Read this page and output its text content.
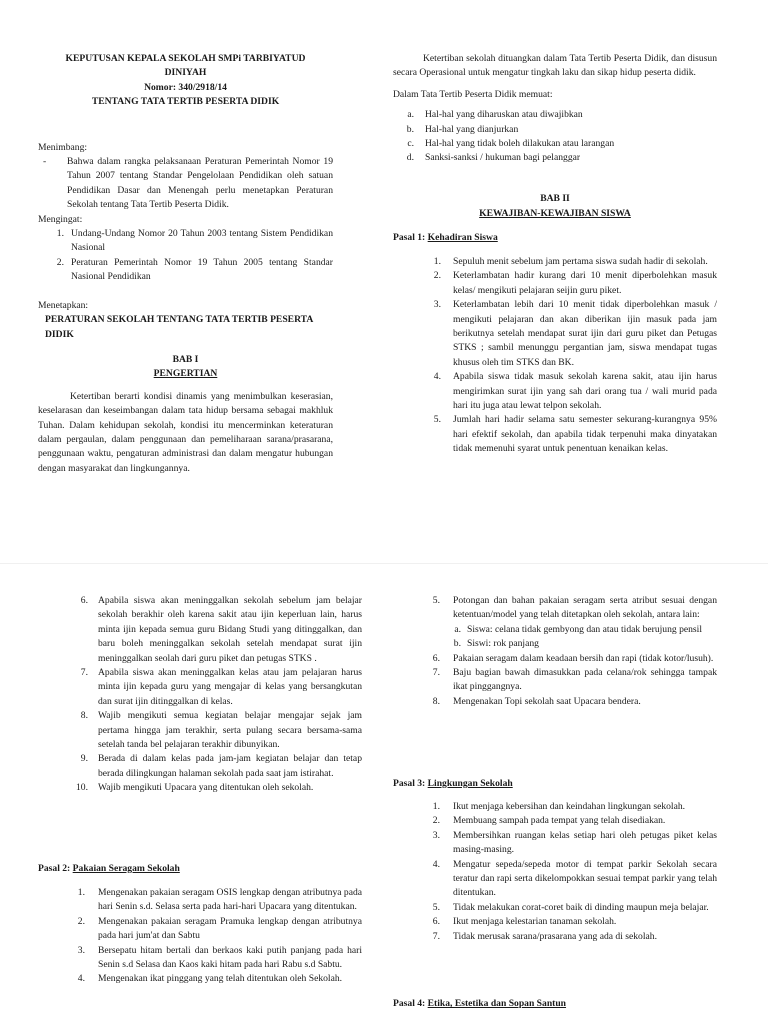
KEPUTUSAN KEPALA SEKOLAH SMPi TARBIYATUD

DINIYAH

Nomor: 340/2918/14

TENTANG TATA TERTIB PESERTA DIDIK

Menimbang:

-	Bahwa dalam rangka pelaksanaan Peraturan Pemerintah Nomor 19 Tahun 2007 tentang Standar Pengelolaan Pendidikan oleh satuan Pendidikan Dasar dan Menengah perlu menetapkan Peraturan Sekolah tentang Tata Tertib Peserta Didik.

Mengingat:

1. Undang-Undang Nomor 20 Tahun 2003 tentang Sistem Pendidikan Nasional
2. Peraturan Pemerintah Nomor 19 Tahun 2005 tentang Standar Nasional Pendidikan

Menetapkan:

PERATURAN SEKOLAH TENTANG TATA TERTIB PESERTA DIDIK

BAB I

PENGERTIAN

Ketertiban berarti kondisi dinamis yang menimbulkan keserasian, keselarasan dan keseimbangan dalam tata hidup bersama sebagai makhluk Tuhan. Dalam kehidupan sekolah, kondisi itu mencerminkan keteraturan dalam pergaulan, dalam penggunaan dan pemeliharaan sarana/prasarana, penggunaan waktu, pengaturan administrasi dan dalam mengatur hubungan dengan masyarakat dan lingkungannya.

Ketertiban sekolah dituangkan dalam Tata Tertib Peserta Didik, dan disusun secara Operasional untuk mengatur tingkah laku dan sikap hidup peserta didik.

Dalam Tata Tertib Peserta Didik memuat:

a. Hal-hal yang diharuskan atau diwajibkan
b. Hal-hal yang dianjurkan
c. Hal-hal yang tidak boleh dilakukan atau larangan
d. Sanksi-sanksi / hukuman bagi pelanggar

BAB II

KEWAJIBAN-KEWAJIBAN SISWA

Pasal 1: Kehadiran Siswa

1. Sepuluh menit sebelum jam pertama siswa sudah hadir di sekolah.
2. Keterlambatan hadir kurang dari 10 menit diperbolehkan masuk kelas/ mengikuti pelajaran seijin guru piket.
3. Keterlambatan lebih dari 10 menit tidak diperbolehkan masuk / mengikuti pelajaran dan akan diberikan ijin masuk pada jam berikutnya setelah mendapat surat ijin dari guru piket dan Petugas STKS ; sambil menunggu pergantian jam, siswa mendapat tugas khusus oleh tim STKS dan BK.
4. Apabila siswa tidak masuk sekolah karena sakit, atau ijin harus mengirimkan surat ijin yang sah dari orang tua / wali murid pada hari itu juga atau lewat telpon sekolah.
5. Jumlah hari hadir selama satu semester sekurang-kurangnya 95% hari efektif sekolah, dan apabila tidak terpenuhi maka dinyatakan tidak memenuhi syarat untuk penentuan kenaikan kelas.
6. Apabila siswa akan meninggalkan sekolah sebelum jam belajar sekolah berakhir oleh karena sakit atau ijin keperluan lain, harus minta ijin kepada semua guru Bidang Studi yang ditinggalkan, dan baru boleh meninggalkan sekolah setelah mendapat surat ijin meninggalkan seolah dari guru piket dan petugas STKS .
7. Apabila siswa akan meninggalkan kelas atau jam pelajaran harus minta ijin kepada guru yang mengajar di kelas yang bersangkutan dan surat ijin ditinggalkan di kelas.
8. Wajib mengikuti semua kegiatan belajar mengajar sejak jam pertama hingga jam terakhir, serta pulang secara bersama-sama setelah tanda bel pelajaran terakhir dibunyikan.
9. Berada di dalam kelas pada jam-jam kegiatan belajar dan tetap berada dilingkungan halaman sekolah pada saat jam istirahat.
10. Wajib mengikuti Upacara yang ditentukan oleh sekolah.

Pasal 2: Pakaian Seragam Sekolah

1. Mengenakan pakaian seragam OSIS lengkap dengan atributnya pada hari Senin s.d. Selasa serta pada hari-hari Upacara yang ditentukan.
2. Mengenakan pakaian seragam Pramuka lengkap dengan atributnya pada hari jum'at dan Sabtu
3. Bersepatu hitam bertali dan berkaos kaki putih panjang pada hari Senin s.d Selasa dan Kaos kaki hitam pada hari Rabu s.d Sabtu.
4. Mengenakan ikat pinggang yang telah ditentukan oleh Sekolah.
5. Potongan dan bahan pakaian seragam serta atribut sesuai dengan ketentuan/model yang telah ditetapkan oleh sekolah, antara lain:
a. Siswa: celana tidak gembyong dan atau tidak berujung pensil
b. Siswi: rok panjang
6. Pakaian seragam dalam keadaan bersih dan rapi (tidak kotor/lusuh).
7. Baju bagian bawah dimasukkan pada celana/rok sehingga tampak ikat pinggangnya.
8. Mengenakan Topi sekolah saat Upacara bendera.

Pasal 3: Lingkungan Sekolah

1. Ikut menjaga kebersihan dan keindahan lingkungan sekolah.
2. Membuang sampah pada tempat yang telah disediakan.
3. Membersihkan ruangan kelas setiap hari oleh petugas piket kelas masing-masing.
4. Mengatur sepeda/sepeda motor di tempat parkir Sekolah secara teratur dan rapi serta dikelompokkan sesuai tempat parkir yang telah ditentukan.
5. Tidak melakukan corat-coret baik di dinding maupun meja belajar.
6. Ikut menjaga kelestarian tanaman sekolah.
7. Tidak merusak sarana/prasarana yang ada di sekolah.

Pasal 4: Etika, Estetika dan Sopan Santun
